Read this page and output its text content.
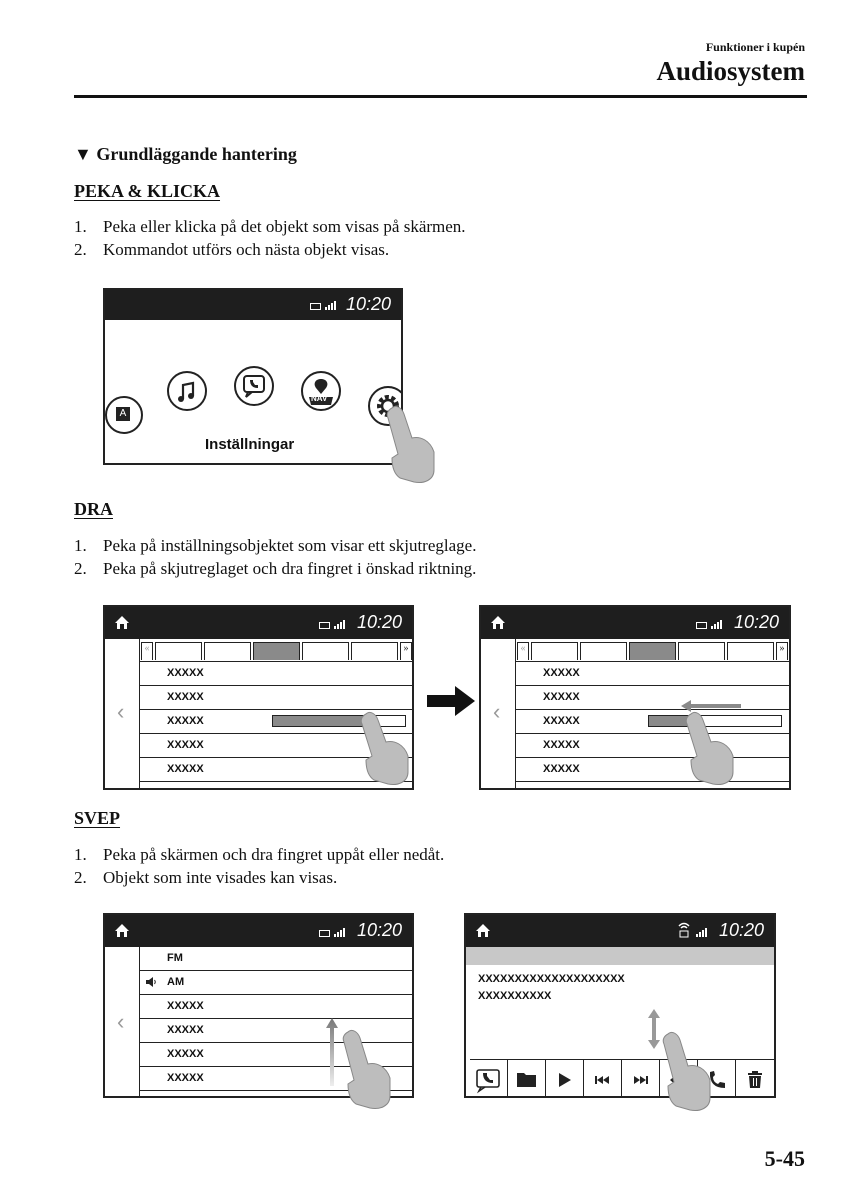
Funktioner i kupén
Audiosystem
▼ Grundläggande hantering
PEKA & KLICKA
1. Peka eller klicka på det objekt som visas på skärmen.
2. Kommandot utförs och nästa objekt visas.
10:20
A
NAV
Inställningar
DRA
1. Peka på inställningsobjektet som visar ett skjutreglage.
2. Peka på skjutreglaget och dra fingret i önskad riktning.
10:20
‹
«	»
XXXXX
XXXXX
XXXXX
XXXXX
XXXXX
10:20
‹
«	»
XXXXX
XXXXX
XXXXX
XXXXX
XXXXX
SVEP
1. Peka på skärmen och dra fingret uppåt eller nedåt.
2. Objekt som inte visades kan visas.
10:20
‹
FM
AM
XXXXX
XXXXX
XXXXX
XXXXX
10:20
XXXXXXXXXXXXXXXXXXXX
XXXXXXXXXX
5-45
